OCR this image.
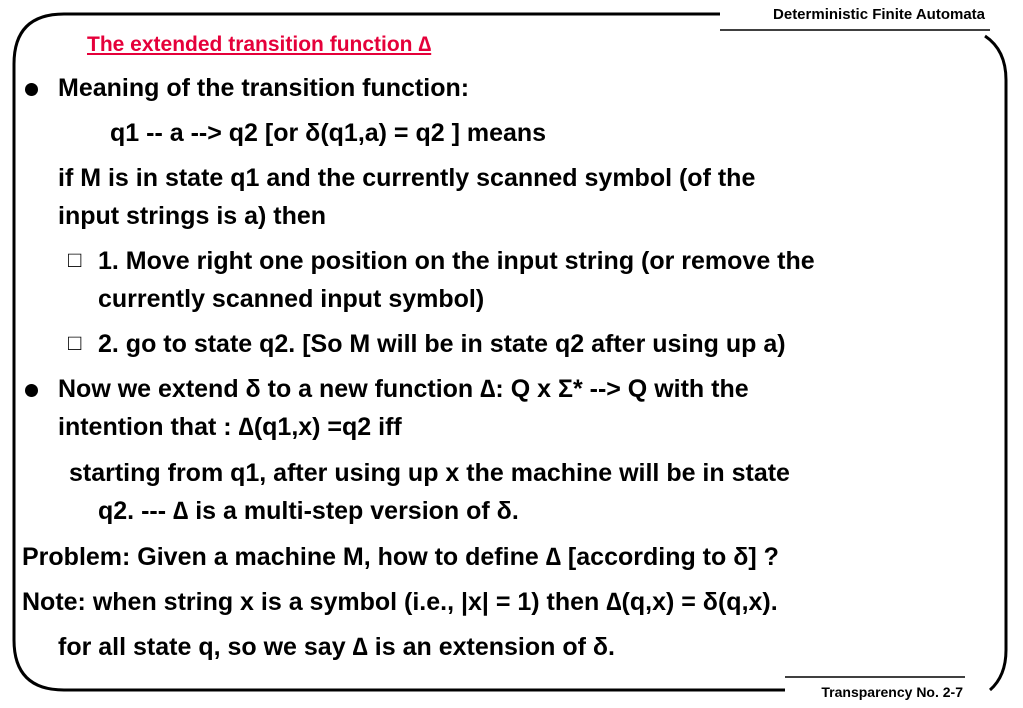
Deterministic Finite Automata
The extended transition function ∆
Meaning of the transition function:
q1 -- a --> q2 [or δ(q1,a) = q2 ] means
if M is in state q1 and the currently scanned symbol (of the
input strings is a) then
□ 1. Move right one position on the input string (or remove the
currently scanned input symbol)
□ 2. go to state q2. [So M will be in state q2 after using up a)
Now we extend δ to a new function ∆: Q x Σ* --> Q with the
intention that : ∆(q1,x) =q2 iff
starting from q1, after using up x the machine will be in state
q2. --- ∆ is a multi-step version of δ.
Problem: Given a machine M, how to define ∆ [according to δ] ?
Note: when string x is a symbol (i.e., |x| = 1) then ∆(q,x) = δ(q,x).
for all state q, so we say ∆ is an extension of δ.
Transparency No. 2-7
